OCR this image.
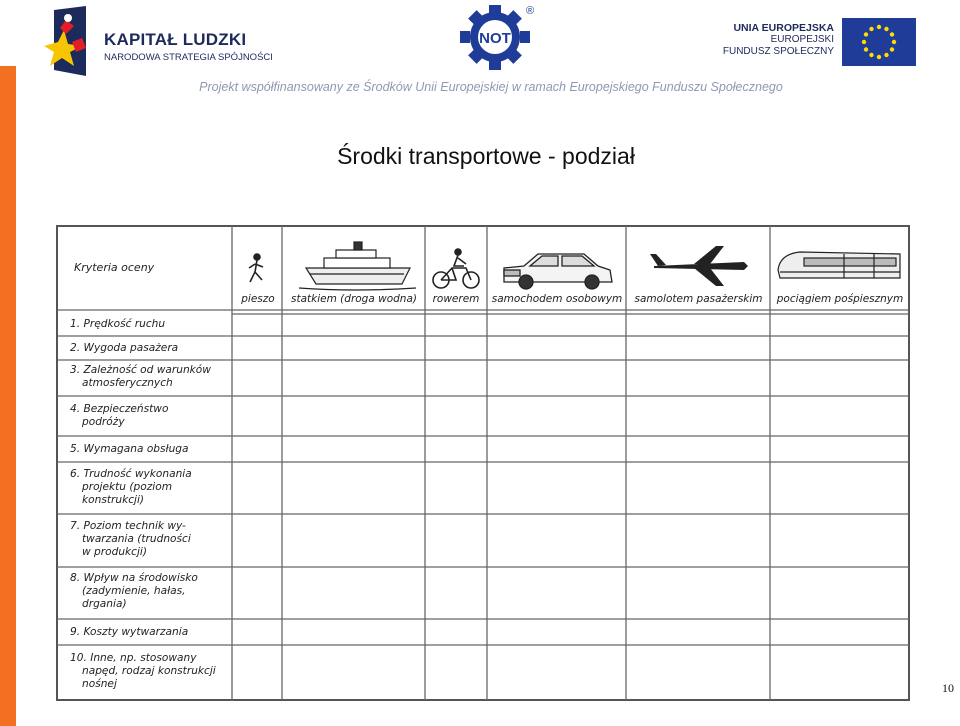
KAPITAŁ LUDZKI
NARODOWA STRATEGIA SPÓJNOŚCI
NOT
®
UNIA EUROPEJSKA
EUROPEJSKI
FUNDUSZ SPOŁECZNY
Projekt współfinansowany ze Środków Unii Europejskiej w ramach Europejskiego Funduszu Społecznego
Środki transportowe - podział
Kryteria oceny
pieszo	statkiem (droga wodna)	rowerem	samochodem osobowym	samolotem pasażerskim	pociągiem pośpiesznym
1. Prędkość ruchu
2. Wygoda pasażera
3. Zależność od warunków
atmosferycznych
4. Bezpieczeństwo
podróży
5. Wymagana obsługa
6. Trudność wykonania
projektu (poziom
konstrukcji)
7. Poziom technik wy-
twarzania (trudności
w produkcji)
8. Wpływ na środowisko
(zadymienie, hałas,
drgania)
9. Koszty wytwarzania
10. Inne, np. stosowany
napęd, rodzaj konstrukcji
nośnej	10
